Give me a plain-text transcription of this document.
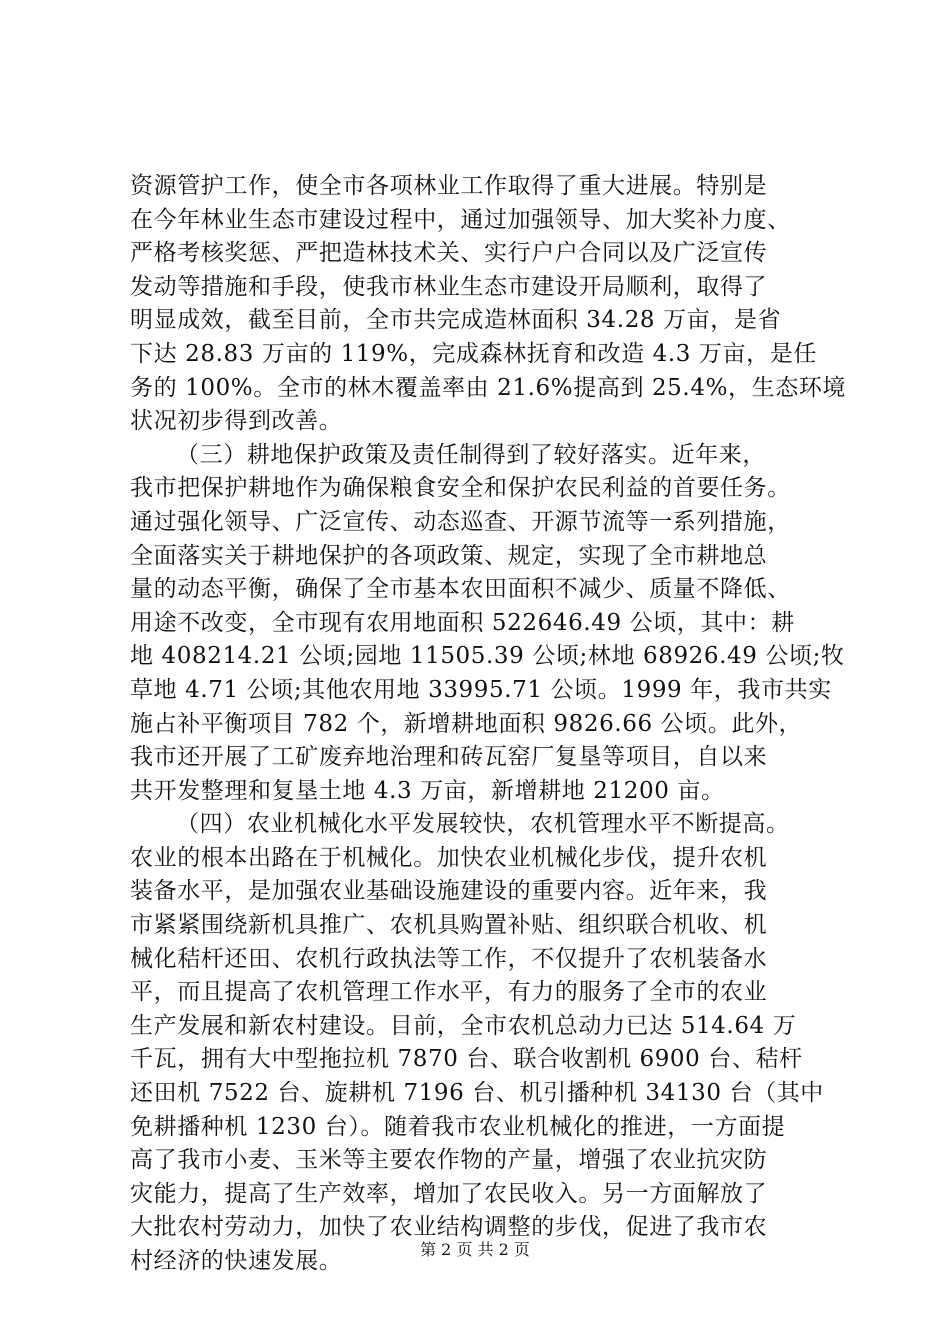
资源管护工作，使全市各项林业工作取得了重大进展。特别是
在今年林业生态市建设过程中，通过加强领导、加大奖补力度、
严格考核奖惩、严把造林技术关、实行户户合同以及广泛宣传
发动等措施和手段，使我市林业生态市建设开局顺利，取得了
明显成效，截至目前，全市共完成造林面积 34.28 万亩，是省
下达 28.83 万亩的 119%，完成森林抚育和改造 4.3 万亩，是任
务的 100%。全市的林木覆盖率由 21.6%提高到 25.4%，生态环境
状况初步得到改善。
（三）耕地保护政策及责任制得到了较好落实。近年来，
我市把保护耕地作为确保粮食安全和保护农民利益的首要任务。
通过强化领导、广泛宣传、动态巡查、开源节流等一系列措施，
全面落实关于耕地保护的各项政策、规定，实现了全市耕地总
量的动态平衡，确保了全市基本农田面积不减少、质量不降低、
用途不改变，全市现有农用地面积 522646.49 公顷，其中：耕
地 408214.21 公顷;园地 11505.39 公顷;林地 68926.49 公顷;牧
草地 4.71 公顷;其他农用地 33995.71 公顷。1999 年，我市共实
施占补平衡项目 782 个，新增耕地面积 9826.66 公顷。此外，
我市还开展了工矿废弃地治理和砖瓦窑厂复垦等项目，自以来
共开发整理和复垦土地 4.3 万亩，新增耕地 21200 亩。
（四）农业机械化水平发展较快，农机管理水平不断提高。
农业的根本出路在于机械化。加快农业机械化步伐，提升农机
装备水平，是加强农业基础设施建设的重要内容。近年来，我
市紧紧围绕新机具推广、农机具购置补贴、组织联合机收、机
械化秸杆还田、农机行政执法等工作，不仅提升了农机装备水
平，而且提高了农机管理工作水平，有力的服务了全市的农业
生产发展和新农村建设。目前，全市农机总动力已达 514.64 万
千瓦，拥有大中型拖拉机 7870 台、联合收割机 6900 台、秸杆
还田机 7522 台、旋耕机 7196 台、机引播种机 34130 台（其中
免耕播种机 1230 台）。随着我市农业机械化的推进，一方面提
高了我市小麦、玉米等主要农作物的产量，增强了农业抗灾防
灾能力，提高了生产效率，增加了农民收入。另一方面解放了
大批农村劳动力，加快了农业结构调整的步伐，促进了我市农
村经济的快速发展。	第 2 页 共 2 页
